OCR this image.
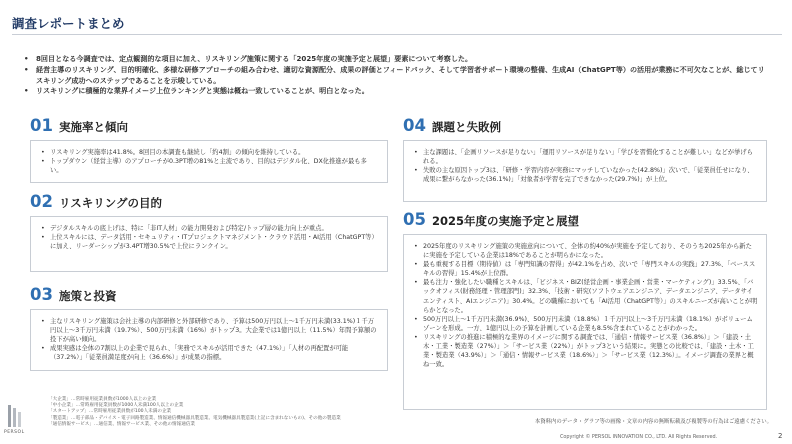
調査レポートまとめ
• 8回目となる今調査では、定点観測的な項目に加え、リスキリング施策に関する「2025年度の実施予定と展望」要素について考察した。
• 経営主導のリスキリング、目的明確化、多様な研修アプローチの組み合わせ、適切な資源配分、成果の評価とフィードバック、そして学習者サポート環境の整備、生成AI（ChatGPT等）の活用が業務に不可欠なことが、総じてリスキリング成功へのステップであることを示唆している。
• リスキリングに積極的な業界イメージ上位ランキングと実態は概ね一致していることが、明白となった。
01 実施率と傾向
• リスキリング実施率は41.8%。8回目の本調査も継続し「約4割」の傾向を維持している。
• トップダウン（経営主導）のアプローチが0.3PT増の81%と主流であり、目的はデジタル化、DX化推進が最も多い。
02 リスキリングの目的
• デジタルスキルの底上げは、特に「非IT人材」の能力開発および特定/トップ層の能力向上が重点。
• 上位スキルには、データ活用・セキュリティ・ITプロジェクトマネジメント・クラウド活用・AI活用（ChatGPT等）に加え、リーダーシップが3.4PT増30.5%で上位にランクイン。
03 施策と投資
• 主なリスキリング施策は会社主導の内部研修と外部研修であり、予算は500万円以上～1千万円未満(33.1%)１千万円以上～3千万円未満（19.7%）、500万円未満（16%）がトップ3。大企業では1億円以上（11.5%）年間予算額の投下が高い傾向。
• 成果実感は全体の7割以上の企業で見られ、「実務でスキルが活用できた（47.1%）」「人材の再配置が可能（37.2%）」「従業員満足度が向上（36.6%）」が成果の指標。
04 課題と失敗例
• 主な課題は、「企画リソースが足りない」「運用リソースが足りない」「学びを習慣化することが難しい」などが挙げられる。
• 失敗の主な原因トップ3は、「研修・学習内容が実務にマッチしていなかった(42.8%)」次いで、「従業員任せになり、成果に繋がらなかった(36.1%)」「対象者が学習を完了できなかった(29.7%)」が上位。
05 2025年度の実施予定と展望
• 2025年度のリスキリング施策の実施意向について、全体の約40%が実施を予定しており、そのうち2025年から新たに実施を予定している企業は18%であることが明らかになった。
• 最も重視する目標（期待値）は「専門知識の習得」が42.1%を占め、次いで「専門スキルの実践」27.3%、「ベーススキルの習得」15.4%が上位群。
• 最も注力・強化したい職種とスキルは、「ビジネス・BIZ(経営企画・事業企画・営業・マーケティング)」33.5%、「バックオフィス(財務経理・管理部門)」32.3%、「技術・研究(ソフトウェアエンジニア、データエンジニア、データサイエンティスト、AIエンジニア)」30.4%。どの職種においても「AI活用（ChatGPT等）」のスキルニーズが高いことが明らかとなった。
• 500万円以上～1千万円未満(36.9%)、500万円未満（18.8%）１千万円以上～3千万円未満（18.1%）がボリュームゾーンを形成。一方、1億円以上の予算を計画している企業も8.5%含まれていることがわかった。
• リスキリングの推進に積極的な業界のイメージに関する調査では、「通信・情報サービス業（36.8%）」＞「建設・土木・工業・製造業（27%）」＞「サービス業（22%）」がトップ3という結果に。実態との比較では、「建設・土木・工業・製造業（43.9%）」＞「通信・情報サービス業（18.6%）」＞「サービス業（12.3%）」。イメージ調査の業界と概ね一致。
「大企業」…常時雇用従業員数が1000人以上の企業
「中小企業」…常時雇用従業員数が1000人未満100人以上の企業
「スタートアップ」…常時雇用従業員数が100人未満の企業
「製造業」…電子部品・デバイス・電子回路製造業、情報通信機械器具製造業、電気機械器具製造業(上記に含まれないもの)、その他の製造業
「通信情報サービス」…通信業、情報サービス業、その他の情報通信業
PERSOL
本資料内のデータ・グラフ等の画像・文章の内容の無断転載及び複製等の行為はご遠慮ください。
Copyright © PERSOL INNOVATION CO., LTD. All Rights Reserved.	2
